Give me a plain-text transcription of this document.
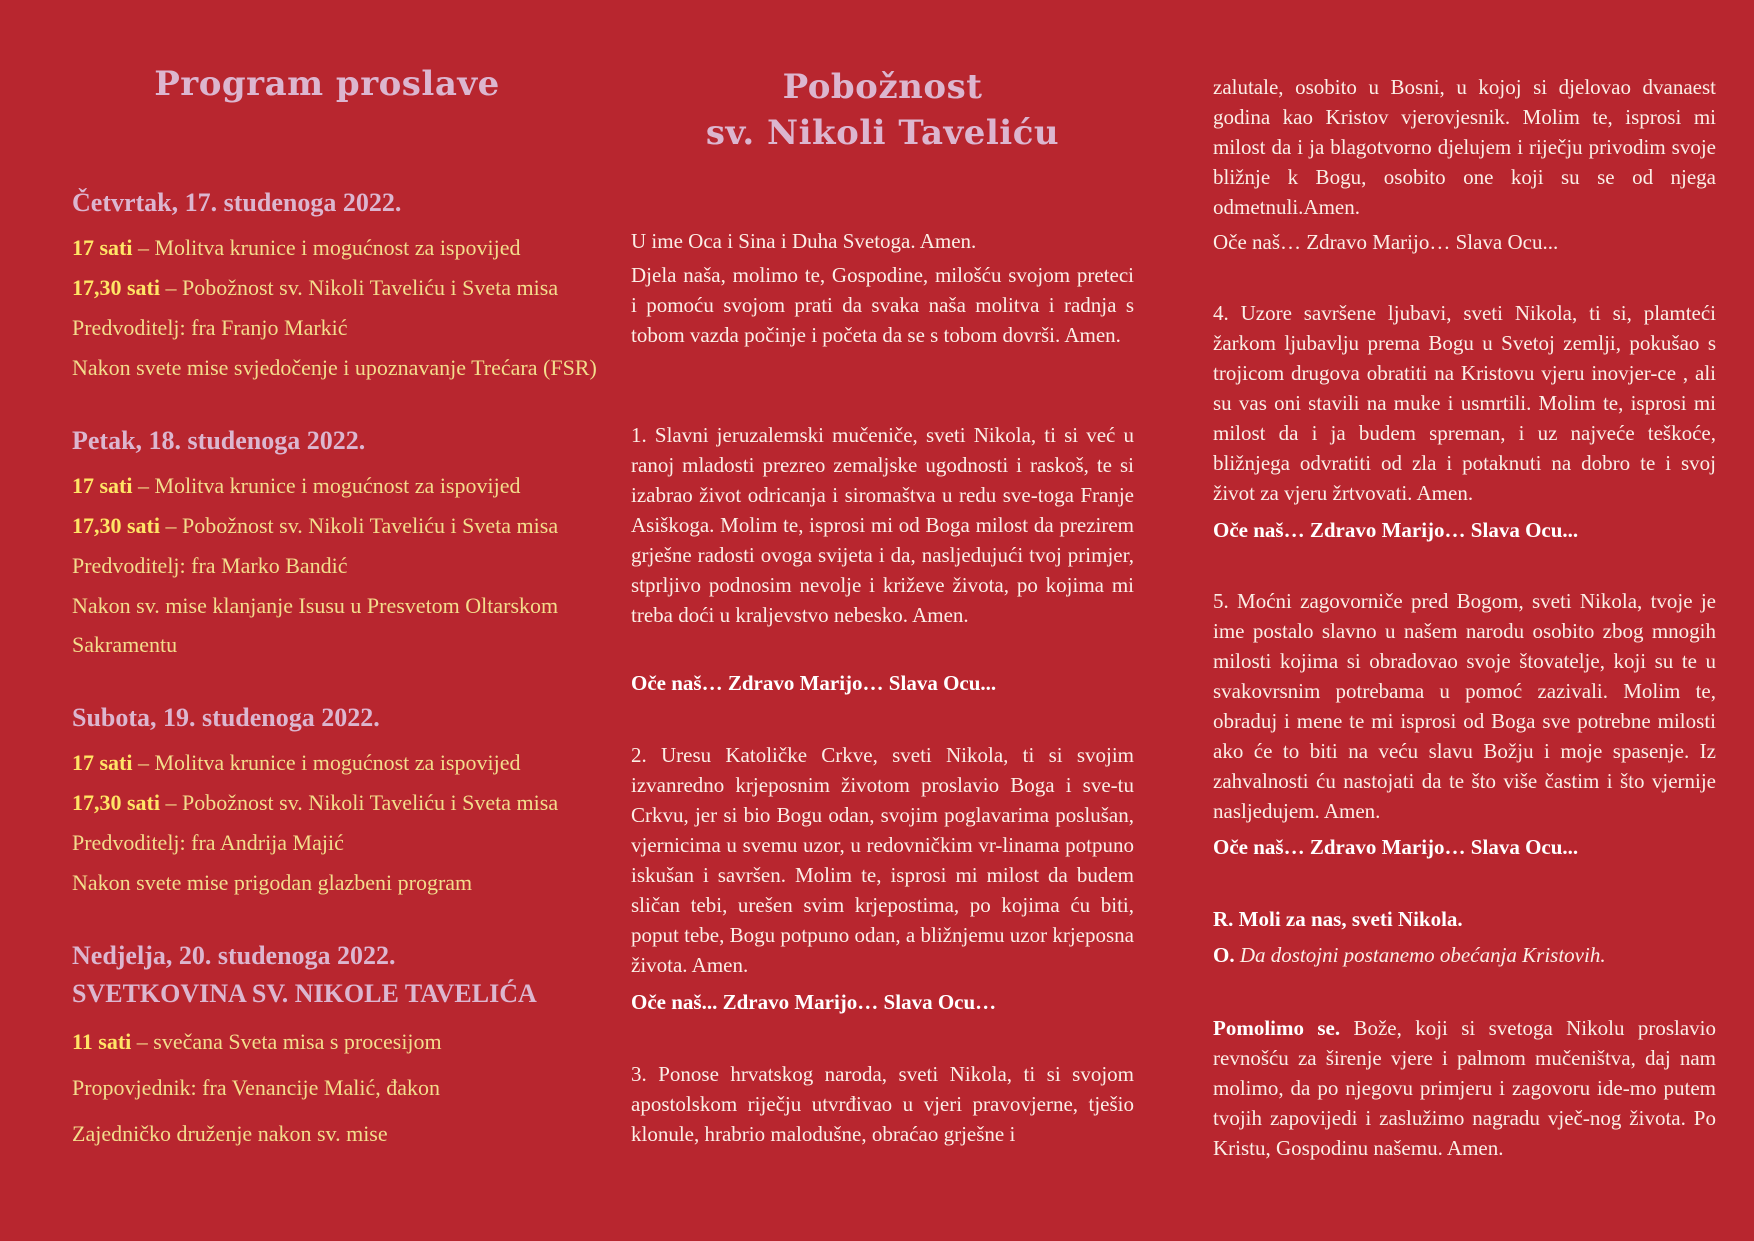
Program proslave

Četvrtak, 17. studenoga 2022.

17 sati – Molitva krunice i mogućnost za ispovijed

17,30 sati – Pobožnost sv. Nikoli Taveliću i Sveta misa

Predvoditelj: fra Franjo Markić

Nakon svete mise svjedočenje i upoznavanje Trećara (FSR)

Petak, 18. studenoga 2022.

17 sati – Molitva krunice i mogućnost za ispovijed

17,30 sati – Pobožnost sv. Nikoli Taveliću i Sveta misa

Predvoditelj: fra Marko Bandić

Nakon sv. mise klanjanje Isusu u Presvetom Oltarskom Sakramentu

Subota, 19. studenoga 2022.

17 sati – Molitva krunice i mogućnost za ispovijed

17,30 sati – Pobožnost sv. Nikoli Taveliću i Sveta misa

Predvoditelj: fra Andrija Majić

Nakon svete mise prigodan glazbeni program

Nedjelja, 20. studenoga 2022.

SVETKOVINA SV. NIKOLE TAVELIĆA

11 sati – svečana Sveta misa s procesijom

Propovjednik: fra Venancije Malić, đakon

Zajedničko druženje nakon sv. mise

Pobožnost
sv. Nikoli Taveliću

U ime Oca i Sina i Duha Svetoga. Amen.

Djela naša, molimo te, Gospodine, milošću svojom preteci i pomoću svojom prati da svaka naša molitva i radnja s tobom vazda počinje i početa da se s tobom dovrši. Amen.

1. Slavni jeruzalemski mučeniče, sveti Nikola, ti si već u ranoj mladosti prezreo zemaljske ugodnosti i raskoš, te si izabrao život odricanja i siromaštva u redu sve-toga Franje Asiškoga. Molim te, isprosi mi od Boga milost da prezirem grješne radosti ovoga svijeta i da, nasljedujući tvoj primjer, stprljivo podnosim nevolje i križeve života, po kojima mi treba doći u kraljevstvo nebesko. Amen.

Oče naš… Zdravo Marijo… Slava Ocu...

2. Uresu Katoličke Crkve, sveti Nikola, ti si svojim izvanredno krjeposnim životom proslavio Boga i sve-tu Crkvu, jer si bio Bogu odan, svojim poglavarima poslušan, vjernicima u svemu uzor, u redovničkim vr-linama potpuno iskušan i savršen. Molim te, isprosi mi milost da budem sličan tebi, urešen svim krjepostima, po kojima ću biti, poput tebe, Bogu potpuno odan, a bližnjemu uzor krjeposna života. Amen.

Oče naš... Zdravo Marijo… Slava Ocu…

3. Ponose hrvatskog naroda, sveti Nikola, ti si svojom apostolskom riječju utvrđivao u vjeri pravovjerne, tješio klonule, hrabrio malodušne, obraćao grješne i

zalutale, osobito u Bosni, u kojoj si djelovao dvanaest godina kao Kristov vjerovjesnik. Molim te, isprosi mi milost da i ja blagotvorno djelujem i riječju privodim svoje bližnje k Bogu, osobito one koji su se od njega odmetnuli.Amen.

Oče naš… Zdravo Marijo… Slava Ocu...

4. Uzore savršene ljubavi, sveti Nikola, ti si, plamteći žarkom ljubavlju prema Bogu u Svetoj zemlji, pokušao s trojicom drugova obratiti na Kristovu vjeru inovjer-ce , ali su vas oni stavili na muke i usmrtili. Molim te, isprosi mi milost da i ja budem spreman, i uz najveće teškoće, bližnjega odvratiti od zla i potaknuti na dobro te i svoj život za vjeru žrtvovati. Amen.

Oče naš… Zdravo Marijo… Slava Ocu...

5. Moćni zagovorniče pred Bogom, sveti Nikola, tvoje je ime postalo slavno u našem narodu osobito zbog mnogih milosti kojima si obradovao svoje štovatelje, koji su te u svakovrsnim potrebama u pomoć zazivali. Molim te, obraduj i mene te mi isprosi od Boga sve potrebne milosti ako će to biti na veću slavu Božju i moje spasenje. Iz zahvalnosti ću nastojati da te što više častim i što vjernije nasljedujem. Amen.

Oče naš… Zdravo Marijo… Slava Ocu...

R. Moli za nas, sveti Nikola.

O. Da dostojni postanemo obećanja Kristovih.

Pomolimo se. Bože, koji si svetoga Nikolu proslavio revnošću za širenje vjere i palmom mučeništva, daj nam molimo, da po njegovu primjeru i zagovoru ide-mo putem tvojih zapovijedi i zaslužimo nagradu vječ-nog života. Po Kristu, Gospodinu našemu. Amen.
